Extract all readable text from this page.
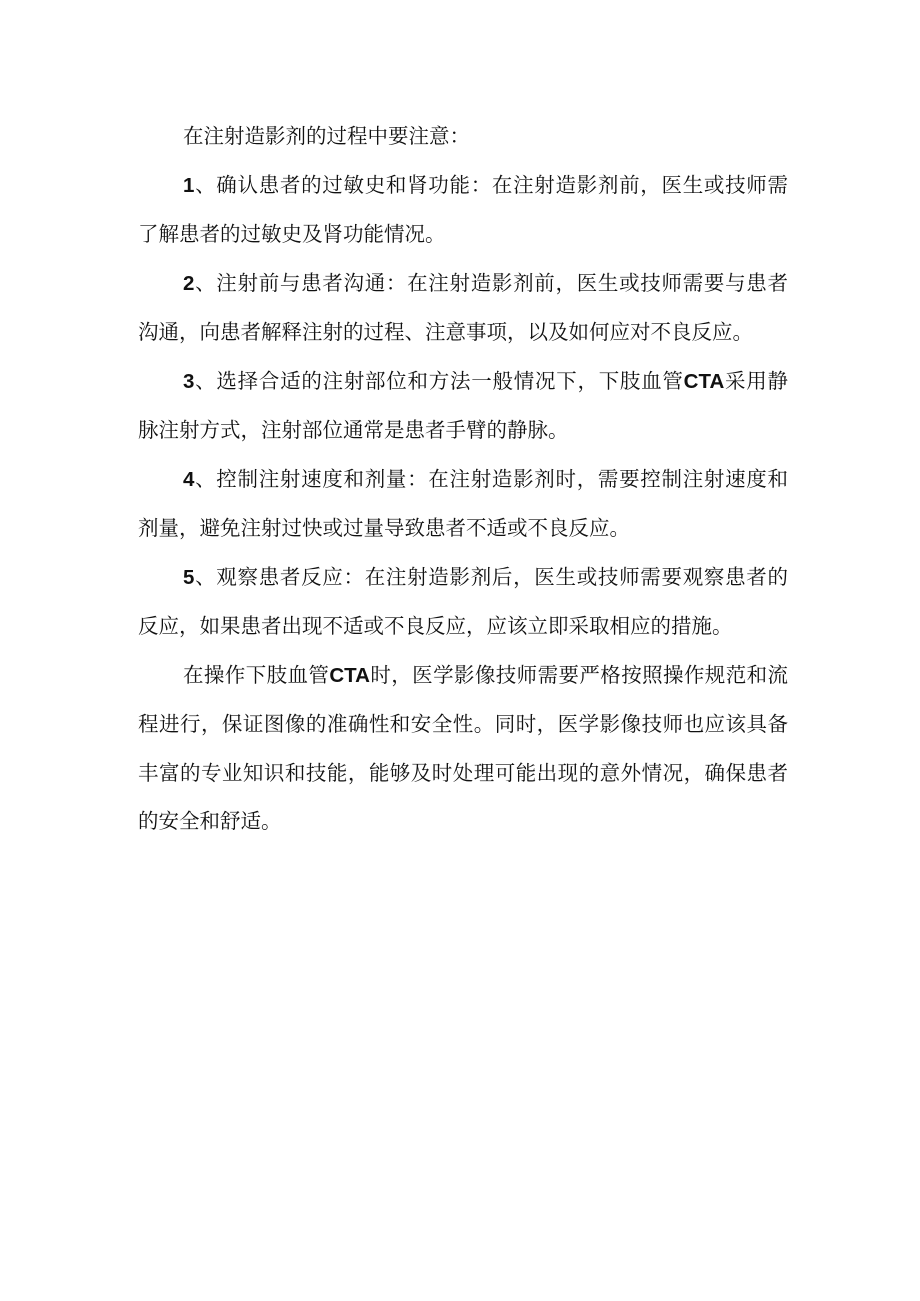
在注射造影剂的过程中要注意：

1、确认患者的过敏史和肾功能：在注射造影剂前，医生或技师需了解患者的过敏史及肾功能情况。

2、注射前与患者沟通：在注射造影剂前，医生或技师需要与患者沟通，向患者解释注射的过程、注意事项，以及如何应对不良反应。

3、选择合适的注射部位和方法一般情况下，下肢血管CTA采用静脉注射方式，注射部位通常是患者手臂的静脉。

4、控制注射速度和剂量：在注射造影剂时，需要控制注射速度和剂量，避免注射过快或过量导致患者不适或不良反应。

5、观察患者反应：在注射造影剂后，医生或技师需要观察患者的反应，如果患者出现不适或不良反应，应该立即采取相应的措施。

在操作下肢血管CTA时，医学影像技师需要严格按照操作规范和流程进行，保证图像的准确性和安全性。同时，医学影像技师也应该具备丰富的专业知识和技能，能够及时处理可能出现的意外情况，确保患者的安全和舒适。
